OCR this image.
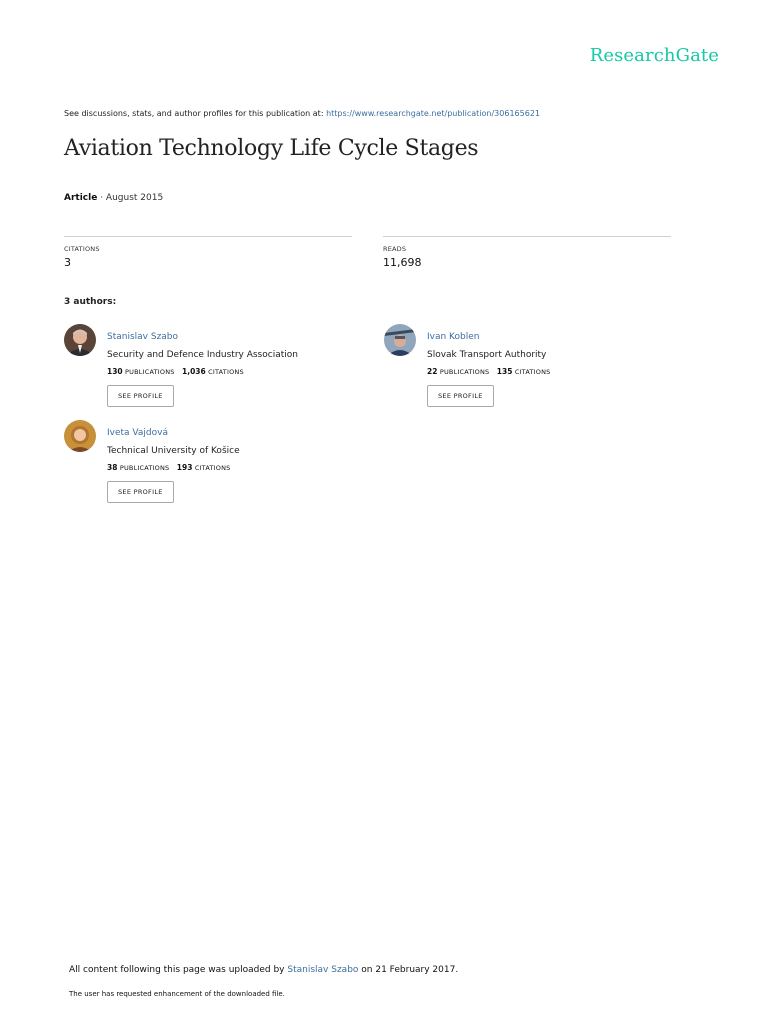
ResearchGate
See discussions, stats, and author profiles for this publication at: https://www.researchgate.net/publication/306165621
Aviation Technology Life Cycle Stages
Article · August 2015
CITATIONS
3
READS
11,698
3 authors:
Stanislav Szabo
Security and Defence Industry Association
130 PUBLICATIONS 1,036 CITATIONS
SEE PROFILE
Ivan Koblen
Slovak Transport Authority
22 PUBLICATIONS 135 CITATIONS
SEE PROFILE
Iveta Vajdová
Technical University of Košice
38 PUBLICATIONS 193 CITATIONS
SEE PROFILE
All content following this page was uploaded by Stanislav Szabo on 21 February 2017.
The user has requested enhancement of the downloaded file.
